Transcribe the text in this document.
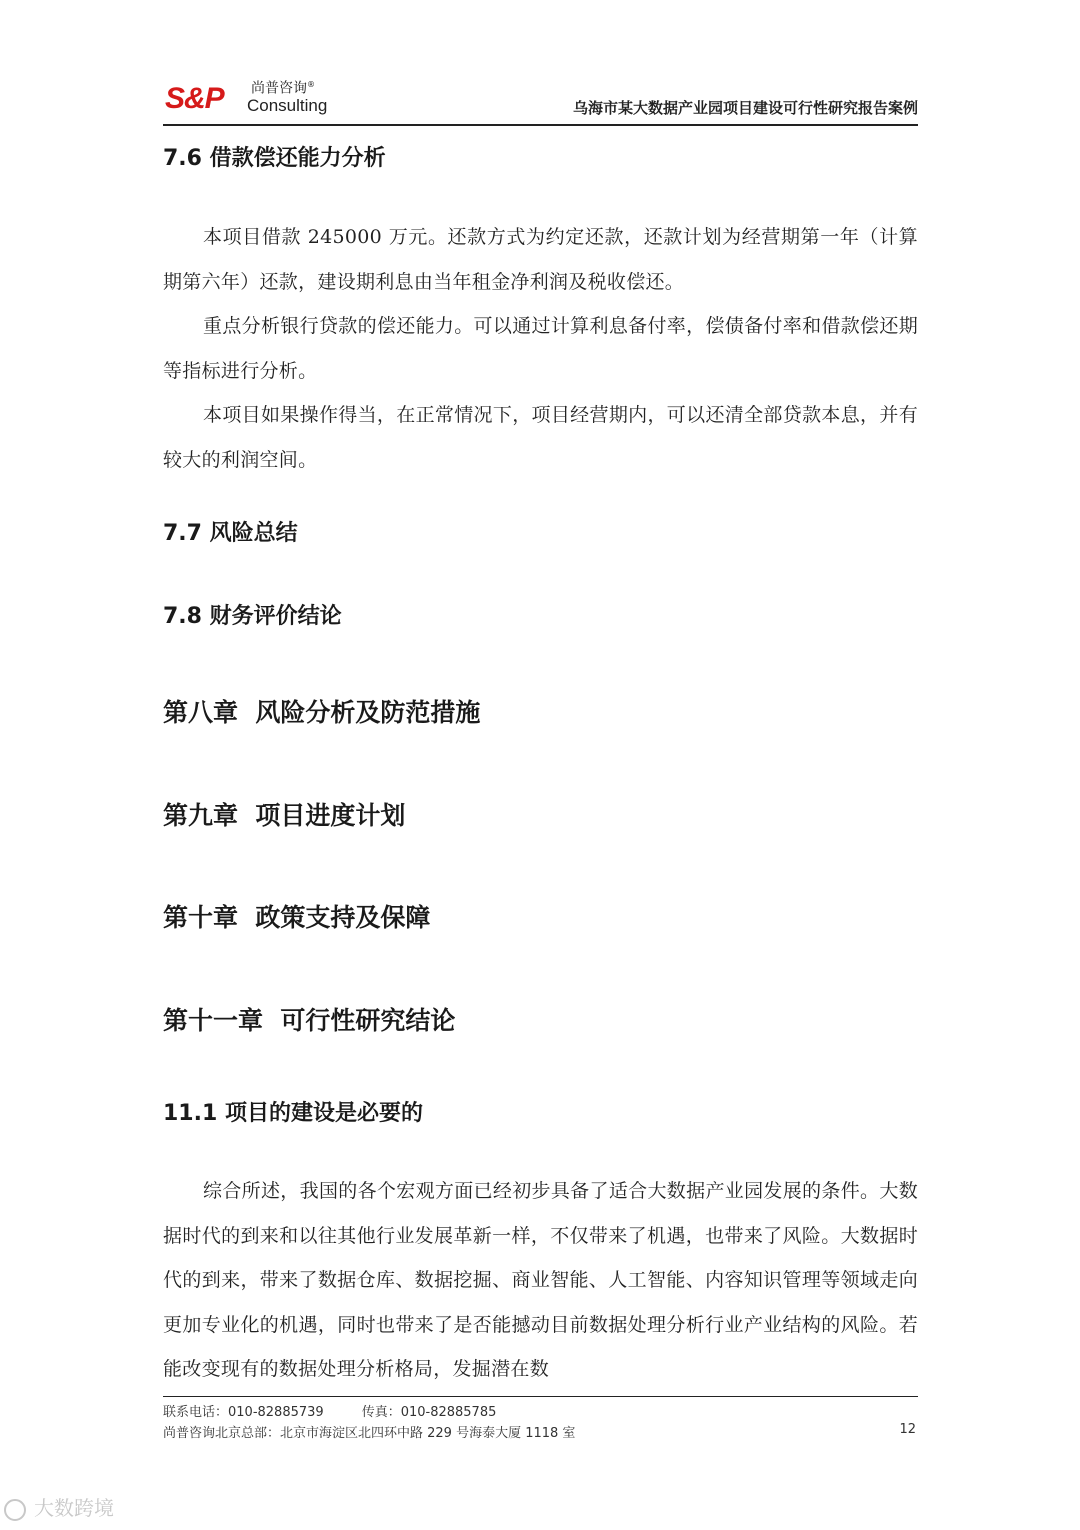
S&P 尚普咨询®
Consulting	乌海市某大数据产业园项目建设可行性研究报告案例
7.6 借款偿还能力分析
本项目借款 245000 万元。还款方式为约定还款，还款计划为经营期第一年（计算期第六年）还款，建设期利息由当年租金净利润及税收偿还。
重点分析银行贷款的偿还能力。可以通过计算利息备付率，偿债备付率和借款偿还期等指标进行分析。
本项目如果操作得当，在正常情况下，项目经营期内，可以还清全部贷款本息，并有较大的利润空间。
7.7 风险总结
7.8 财务评价结论
第八章  风险分析及防范措施
第九章  项目进度计划
第十章  政策支持及保障
第十一章  可行性研究结论
11.1 项目的建设是必要的
综合所述，我国的各个宏观方面已经初步具备了适合大数据产业园发展的条件。大数据时代的到来和以往其他行业发展革新一样，不仅带来了机遇，也带来了风险。大数据时代的到来，带来了数据仓库、数据挖掘、商业智能、人工智能、内容知识管理等领域走向更加专业化的机遇，同时也带来了是否能撼动目前数据处理分析行业产业结构的风险。若能改变现有的数据处理分析格局，发掘潜在数
联系电话：010-82885739	传真：010-82885785
尚普咨询北京总部：北京市海淀区北四环中路 229 号海泰大厦 1118 室	12
大数跨境
